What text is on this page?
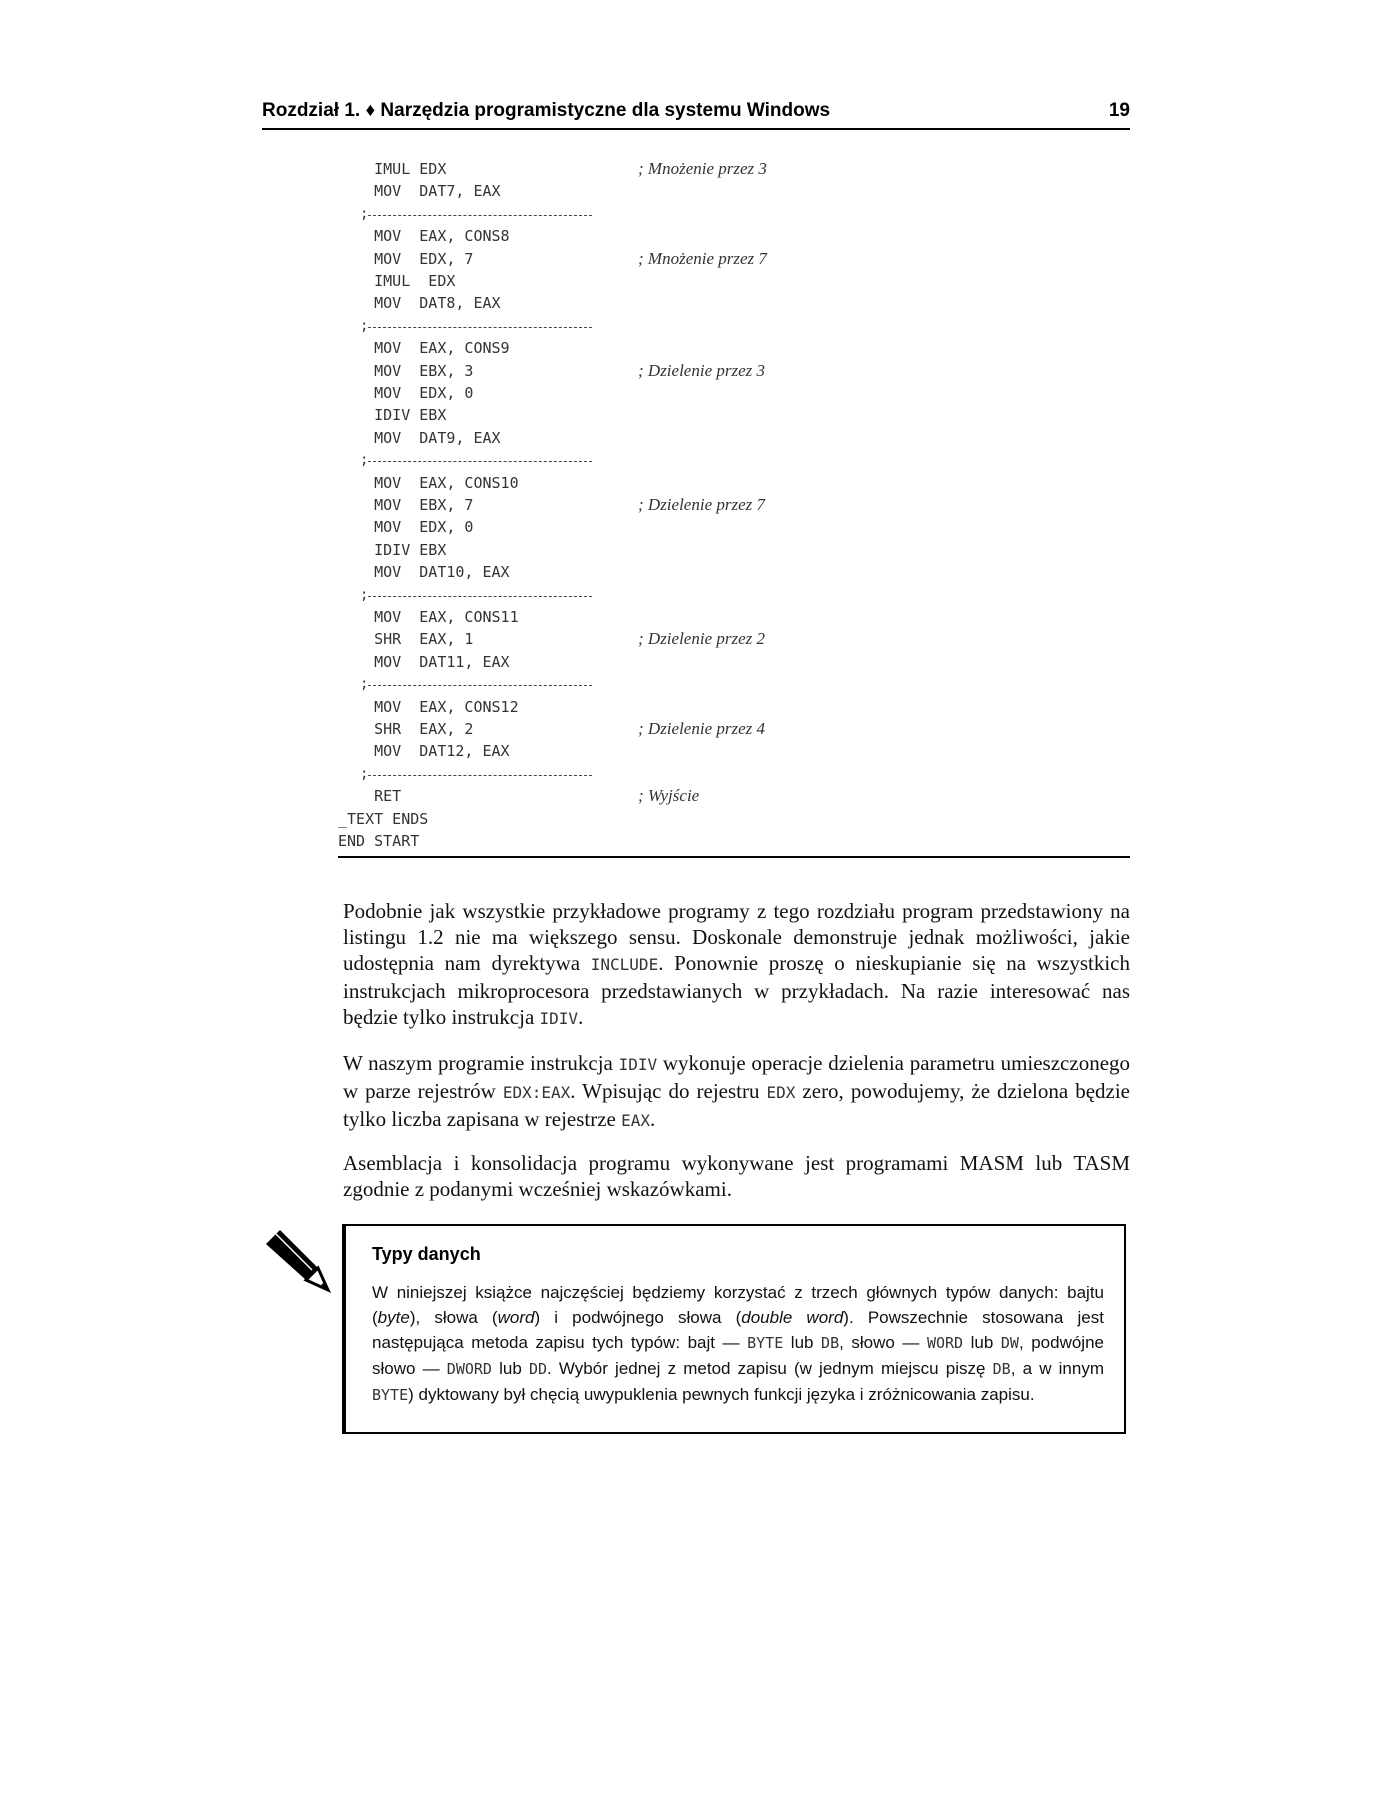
Rozdział 1. ♦ Narzędzia programistyczne dla systemu Windows	19
IMUL EDX	; Mnożenie przez 3
MOV  DAT7, EAX
;
MOV  EAX, CONS8
MOV  EDX, 7	; Mnożenie przez 7
IMUL  EDX
MOV  DAT8, EAX
;
MOV  EAX, CONS9
MOV  EBX, 3	; Dzielenie przez 3
MOV  EDX, 0
IDIV EBX
MOV  DAT9, EAX
;
MOV  EAX, CONS10
MOV  EBX, 7	; Dzielenie przez 7
MOV  EDX, 0
IDIV EBX
MOV  DAT10, EAX
;
MOV  EAX, CONS11
SHR  EAX, 1	; Dzielenie przez 2
MOV  DAT11, EAX
;
MOV  EAX, CONS12
SHR  EAX, 2	; Dzielenie przez 4
MOV  DAT12, EAX
;
RET	; Wyjście
_TEXT ENDS
END START

Podobnie jak wszystkie przykładowe programy z tego rozdziału program przedstawiony na listingu 1.2 nie ma większego sensu. Doskonale demonstruje jednak możliwości, jakie udostępnia nam dyrektywa INCLUDE. Ponownie proszę o nieskupianie się na wszystkich instrukcjach mikroprocesora przedstawianych w przykładach. Na razie interesować nas będzie tylko instrukcja IDIV.

W naszym programie instrukcja IDIV wykonuje operacje dzielenia parametru umieszczonego w parze rejestrów EDX:EAX. Wpisując do rejestru EDX zero, powodujemy, że dzielona będzie tylko liczba zapisana w rejestrze EAX.

Asemblacja i konsolidacja programu wykonywane jest programami MASM lub TASM zgodnie z podanymi wcześniej wskazówkami.

Typy danych

W niniejszej książce najczęściej będziemy korzystać z trzech głównych typów danych: bajtu (byte), słowa (word) i podwójnego słowa (double word). Powszechnie stosowana jest następująca metoda zapisu tych typów: bajt — BYTE lub DB, słowo — WORD lub DW, podwójne słowo — DWORD lub DD. Wybór jednej z metod zapisu (w jednym miejscu piszę DB, a w innym BYTE) dyktowany był chęcią uwypuklenia pewnych funkcji języka i zróżnicowania zapisu.
